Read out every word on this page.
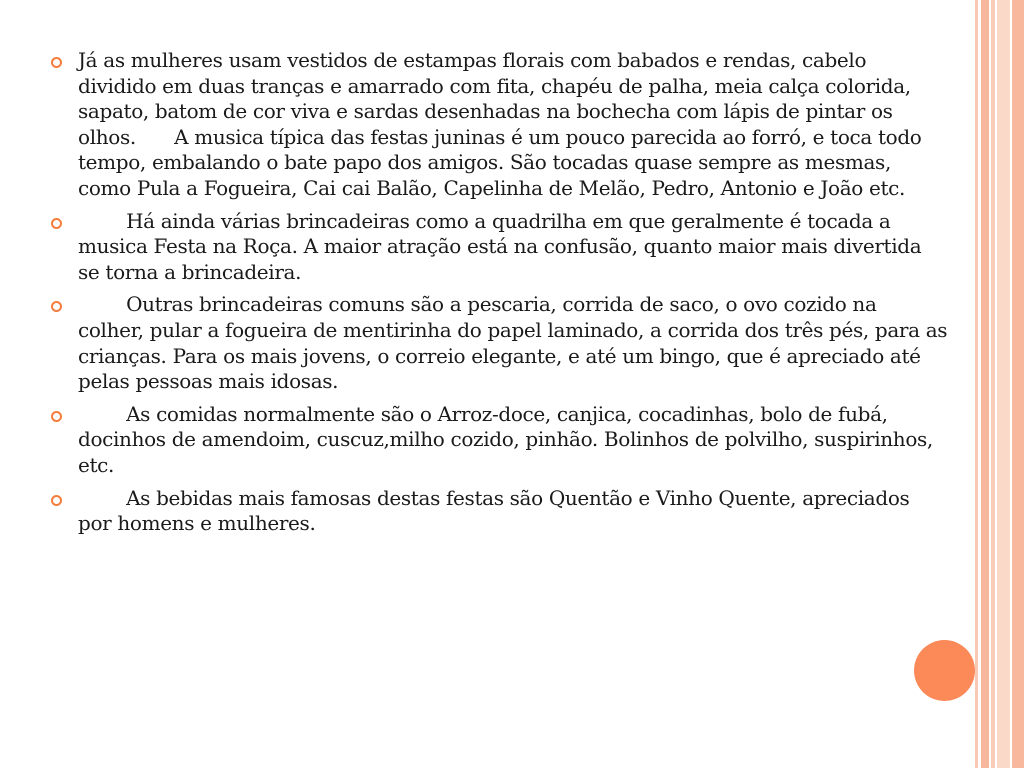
Já as mulheres usam vestidos de estampas florais com babados e rendas, cabelo dividido em duas tranças e amarrado com fita, chapéu de palha, meia calça colorida, sapato, batom de cor viva e sardas desenhadas na bochecha com lápis de pintar os olhos.	A musica típica das festas juninas é um pouco parecida ao forró, e toca todo tempo, embalando o bate papo dos amigos. São tocadas quase sempre as mesmas, como Pula a Fogueira, Cai cai Balão, Capelinha de Melão, Pedro, Antonio e João etc.
	Há ainda várias brincadeiras como a quadrilha em que geralmente é tocada a musica Festa na Roça. A maior atração está na confusão, quanto maior mais divertida se torna a brincadeira.
	Outras brincadeiras comuns são a pescaria, corrida de saco, o ovo cozido na colher, pular a fogueira de mentirinha do papel laminado, a corrida dos três pés, para as crianças. Para os mais jovens, o correio elegante, e até um bingo, que é apreciado até pelas pessoas mais idosas.
	As comidas normalmente são o Arroz-doce, canjica, cocadinhas, bolo de fubá, docinhos de amendoim, cuscuz,milho cozido, pinhão. Bolinhos de polvilho, suspirinhos, etc.
	As bebidas mais famosas destas festas são Quentão e Vinho Quente, apreciados por homens e mulheres.
